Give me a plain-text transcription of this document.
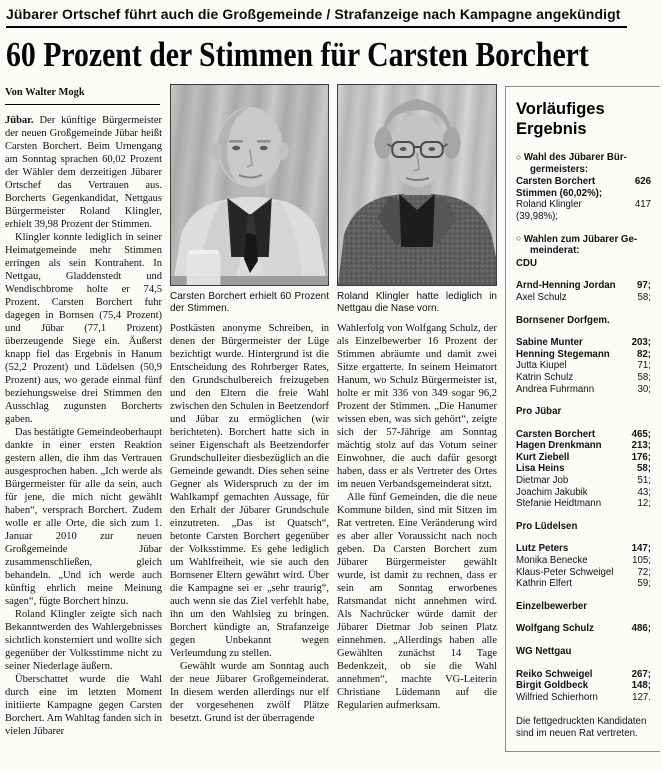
Jübarer Ortschef führt auch die Großgemeinde / Strafanzeige nach Kampagne angekündigt
60 Prozent der Stimmen für Carsten Borchert
Von Walter Mogk

Jübar. Der künftige Bürgermeister der neuen Großgemeinde Jübar heißt Carsten Borchert. Beim Urnengang am Sonntag sprachen 60,02 Prozent der Wähler dem derzeitigen Jübarer Ortschef das Vertrauen aus. Borcherts Gegenkandidat, Nettgaus Bürgermeister Roland Klingler, erhielt 39,98 Prozent der Stimmen.

Klingler konnte lediglich in seiner Heimatgemeinde mehr Stimmen erringen als sein Kontrahent. In Nettgau, Gladdenstedt und Wendischbrome holte er 74,5 Prozent. Carsten Borchert fuhr dagegen in Bornsen (75,4 Prozent) und Jübar (77,1 Prozent) überzeugende Siege ein. Äußerst knapp fiel das Ergebnis in Hanum (52,2 Prozent) und Lüdelsen (50,9 Prozent) aus, wo gerade einmal fünf beziehungsweise drei Stimmen den Ausschlag zugunsten Borcherts gaben.

Das bestätigte Gemeindeoberhaupt dankte in einer ersten Reaktion gestern allen, die ihm das Vertrauen ausgesprochen haben. „Ich werde als Bürgermeister für alle da sein, auch für jene, die mich nicht gewählt haben“, versprach Borchert. Zudem wolle er alle Orte, die sich zum 1. Januar 2010 zur neuen Großgemeinde Jübar zusammenschließen, gleich behandeln. „Und ich werde auch künftig ehrlich meine Meinung sagen“, fügte Borchert hinzu.

Roland Klingler zeigte sich nach Bekanntwerden des Wahlergebnisses sichtlich konsterniert und wollte sich gegenüber der Volksstimme nicht zu seiner Niederlage äußern.

Überschattet wurde die Wahl durch eine im letzten Moment initiierte Kampagne gegen Carsten Borchert. Am Wahltag fanden sich in vielen Jübarer

Carsten Borchert erhielt 60 Prozent der Stimmen.

Postkästen anonyme Schreiben, in denen der Bürgermeister der Lüge bezichtigt wurde. Hintergrund ist die Entscheidung des Rohrberger Rates, den Grundschulbereich freizugeben und den Eltern die freie Wahl zwischen den Schulen in Beetzendorf und Jübar zu ermöglichen (wir berichteten). Borchert hatte sich in seiner Eigenschaft als Beetzendorfer Grundschulleiter diesbezüglich an die Gemeinde gewandt. Dies sehen seine Gegner als Widerspruch zu der im Wahlkampf gemachten Aussage, für den Erhalt der Jübarer Grundschule einzutreten. „Das ist Quatsch“, betonte Carsten Borchert gegenüber der Volksstimme. Es gehe lediglich um Wahlfreiheit, wie sie auch den Bornsener Eltern gewährt wird. Über die Kampagne sei er „sehr traurig“, auch wenn sie das Ziel verfehlt habe, ihn um den Wahlsieg zu bringen. Borchert kündigte an, Strafanzeige gegen Unbekannt wegen Verleumdung zu stellen.

Gewählt wurde am Sonntag auch der neue Jübarer Großgemeinderat. In diesem werden allerdings nur elf der vorgesehenen zwölf Plätze besetzt. Grund ist der überragende

Roland Klingler hatte lediglich in Nettgau die Nase vorn.

Wahlerfolg von Wolfgang Schulz, der als Einzelbewerber 16 Prozent der Stimmen abräumte und damit zwei Sitze ergatterte. In seinem Heimatort Hanum, wo Schulz Bürgermeister ist, holte er mit 336 von 349 sogar 96,2 Prozent der Stimmen. „Die Hanumer wissen eben, was sich gehört“, zeigte sich der 57-Jährige am Sonntag mächtig stolz auf das Votum seiner Einwohner, die auch dafür gesorgt haben, dass er als Vertreter des Ortes im neuen Verbandsgemeinderat sitzt.

Alle fünf Gemeinden, die die neue Kommune bilden, sind mit Sitzen im Rat vertreten. Eine Veränderung wird es aber aller Voraussicht nach noch geben. Da Carsten Borchert zum Jübarer Bürgermeister gewählt wurde, ist damit zu rechnen, dass er sein am Sonntag erworbenes Ratsmandat nicht annehmen wird. Als Nachrücker würde damit der Jübarer Dietmar Job seinen Platz einnehmen. „Allerdings haben alle Gewählten zunächst 14 Tage Bedenkzeit, ob sie die Wahl annehmen“, machte VG-Leiterin Christiane Lüdemann auf die Regularien aufmerksam.

Vorläufiges Ergebnis
○ Wahl des Jübarer Bürgermeisters:
Carsten Borchert	626
Stimmen (60,02%);
Roland Klingler	417
(39,98%);
○ Wahlen zum Jübarer Gemeinderat:
CDU
Arnd-Henning Jordan	97;
Axel Schulz	58;
Bornsener Dorfgem.
Sabine Munter	203;
Henning Stegemann	82;
Jutta Kiupel	71;
Katrin Schulz	58;
Andrea Fuhrmann	30;
Pro Jübar
Carsten Borchert	465;
Hagen Drenkmann	213;
Kurt Ziebell	176;
Lisa Heins	58;
Dietmar Job	51;
Joachim Jakubik	43;
Stefanie Heidtmann	12;
Pro Lüdelsen
Lutz Peters	147;
Monika Benecke	105;
Klaus-Peter Schweigel	72;
Kathrin Elfert	59;
Einzelbewerber
Wolfgang Schulz	486;
WG Nettgau
Reiko Schweigel	267;
Birgit Goldbeck	148;
Wilfried Schierhorn	127.
Die fettgedruckten Kandidaten sind im neuen Rat vertreten.
